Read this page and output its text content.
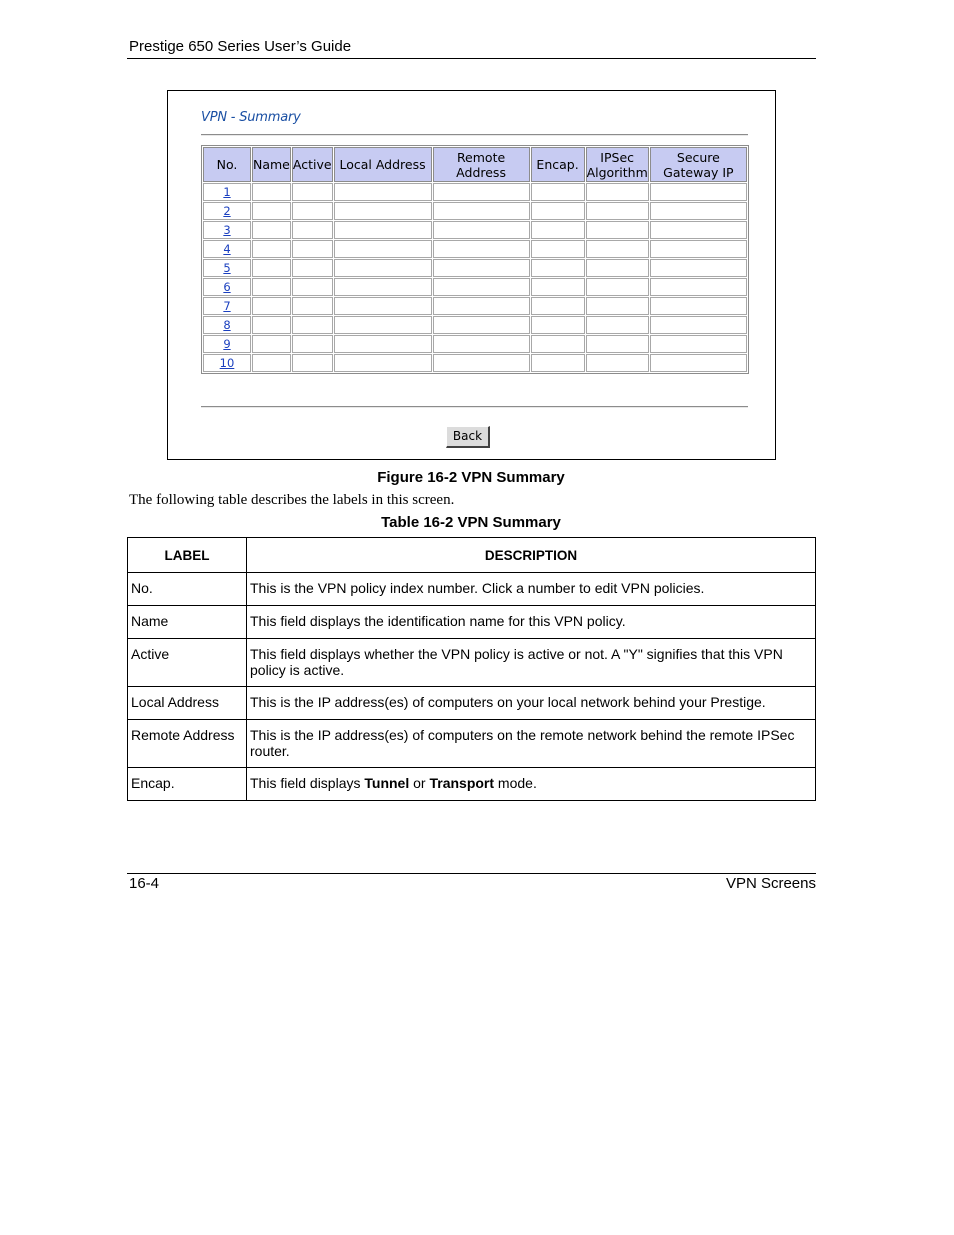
Prestige 650 Series User’s Guide
VPN - Summary
No.	Name	Active	Local Address	Remote Address	Encap.	IPSec Algorithm	Secure Gateway IP
1							
2							
3							
4							
5							
6							
7							
8							
9							
10							
Back
Figure 16-2 VPN Summary
The following table describes the labels in this screen.
Table 16-2 VPN Summary
LABEL	DESCRIPTION
No.	This is the VPN policy index number. Click a number to edit VPN policies.
Name	This field displays the identification name for this VPN policy.
Active	This field displays whether the VPN policy is active or not. A "Y" signifies that this VPN policy is active.
Local Address	This is the IP address(es) of computers on your local network behind your Prestige.
Remote Address	This is the IP address(es) of computers on the remote network behind the remote IPSec router.
Encap.	This field displays Tunnel or Transport mode.
16-4	VPN Screens
